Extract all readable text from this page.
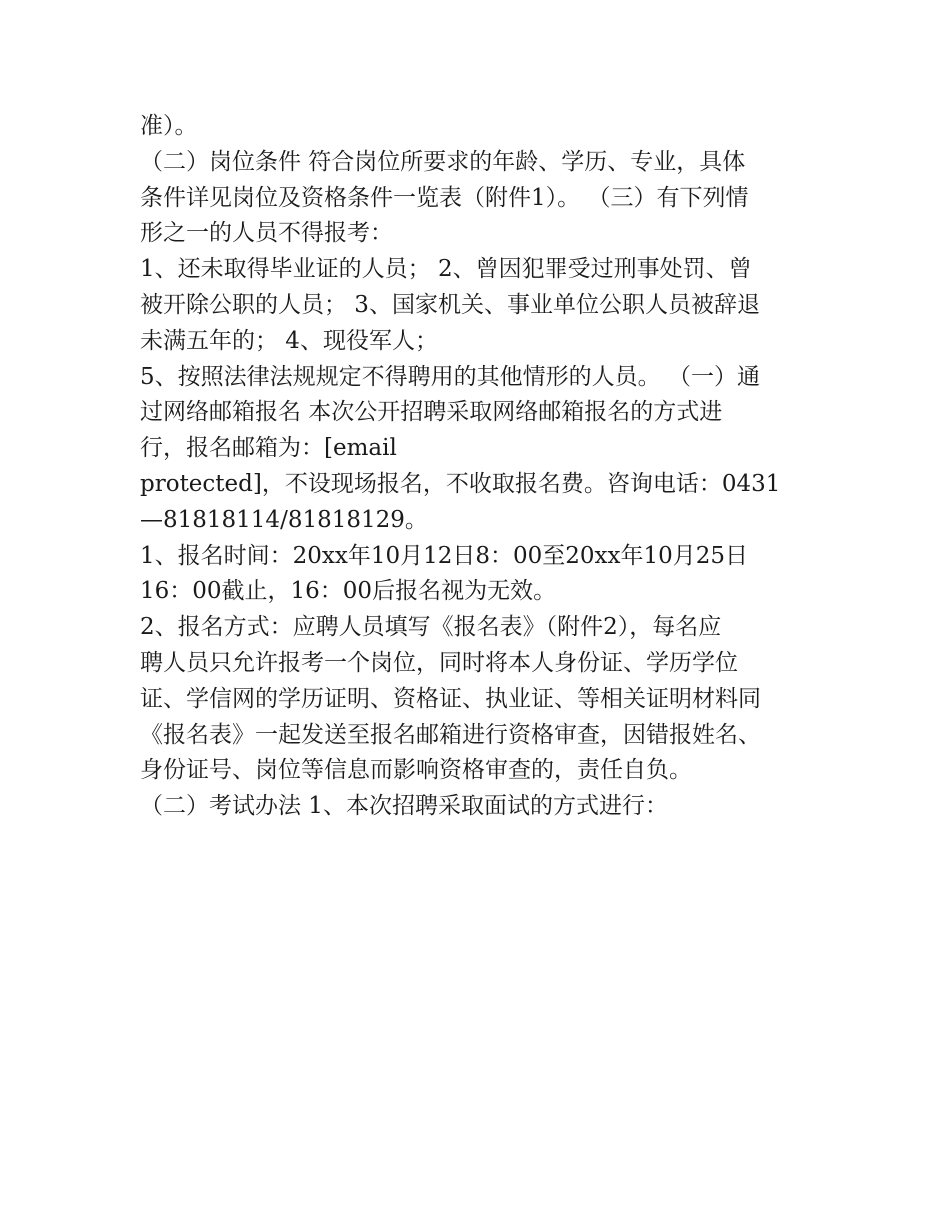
准）。

（二）岗位条件 符合岗位所要求的年龄、学历、专业，具体

条件详见岗位及资格条件一览表（附件1）。 （三）有下列情

形之一的人员不得报考：

1、还未取得毕业证的人员； 2、曾因犯罪受过刑事处罚、曾

被开除公职的人员； 3、国家机关、事业单位公职人员被辞退

未满五年的； 4、现役军人；

5、按照法律法规规定不得聘用的其他情形的人员。 （一）通

过网络邮箱报名 本次公开招聘采取网络邮箱报名的方式进

行，报名邮箱为：[email

protected]，不设现场报名，不收取报名费。咨询电话：0431

—81818114/81818129。

1、报名时间：20xx年10月12日8：00至20xx年10月25日

16：00截止，16：00后报名视为无效。

2、报名方式：应聘人员填写《报名表》（附件2），每名应

聘人员只允许报考一个岗位，同时将本人身份证、学历学位

证、学信网的学历证明、资格证、执业证、等相关证明材料同

《报名表》一起发送至报名邮箱进行资格审查，因错报姓名、

身份证号、岗位等信息而影响资格审查的，责任自负。

（二）考试办法 1、本次招聘采取面试的方式进行：
